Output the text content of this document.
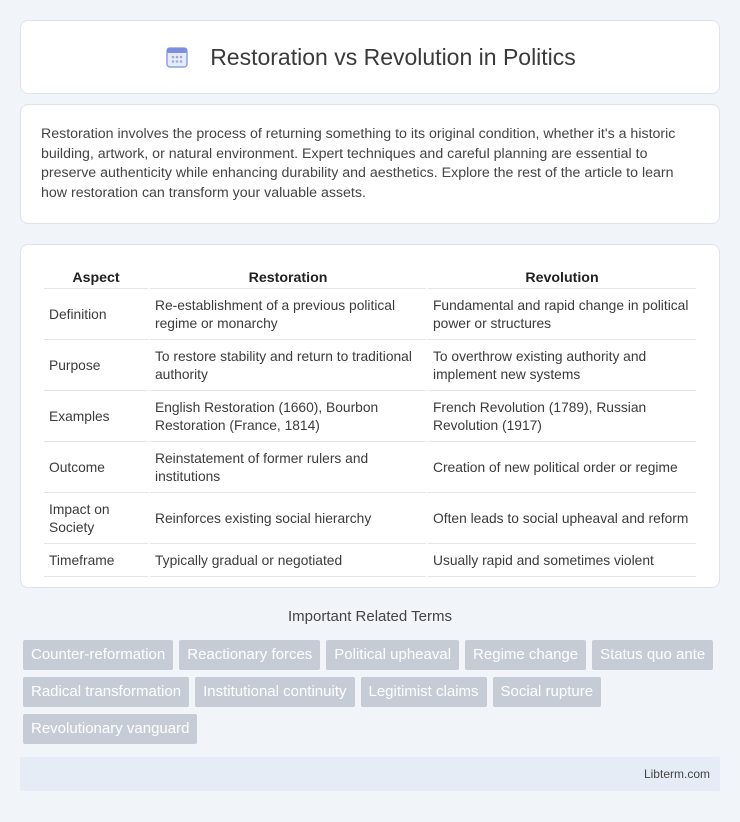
Restoration vs Revolution in Politics

Restoration involves the process of returning something to its original condition, whether it's a historic building, artwork, or natural environment. Expert techniques and careful planning are essential to preserve authenticity while enhancing durability and aesthetics. Explore the rest of the article to learn how restoration can transform your valuable assets.

Aspect	Restoration	Revolution
Definition	Re-establishment of a previous political regime or monarchy	Fundamental and rapid change in political power or structures
Purpose	To restore stability and return to traditional authority	To overthrow existing authority and implement new systems
Examples	English Restoration (1660), Bourbon Restoration (France, 1814)	French Revolution (1789), Russian Revolution (1917)
Outcome	Reinstatement of former rulers and institutions	Creation of new political order or regime
Impact on Society	Reinforces existing social hierarchy	Often leads to social upheaval and reform
Timeframe	Typically gradual or negotiated	Usually rapid and sometimes violent
Important Related Terms
Counter-reformation	Reactionary forces	Political upheaval	Regime change	Status quo ante
Radical transformation	Institutional continuity	Legitimist claims	Social rupture
Revolutionary vanguard
Libterm.com
